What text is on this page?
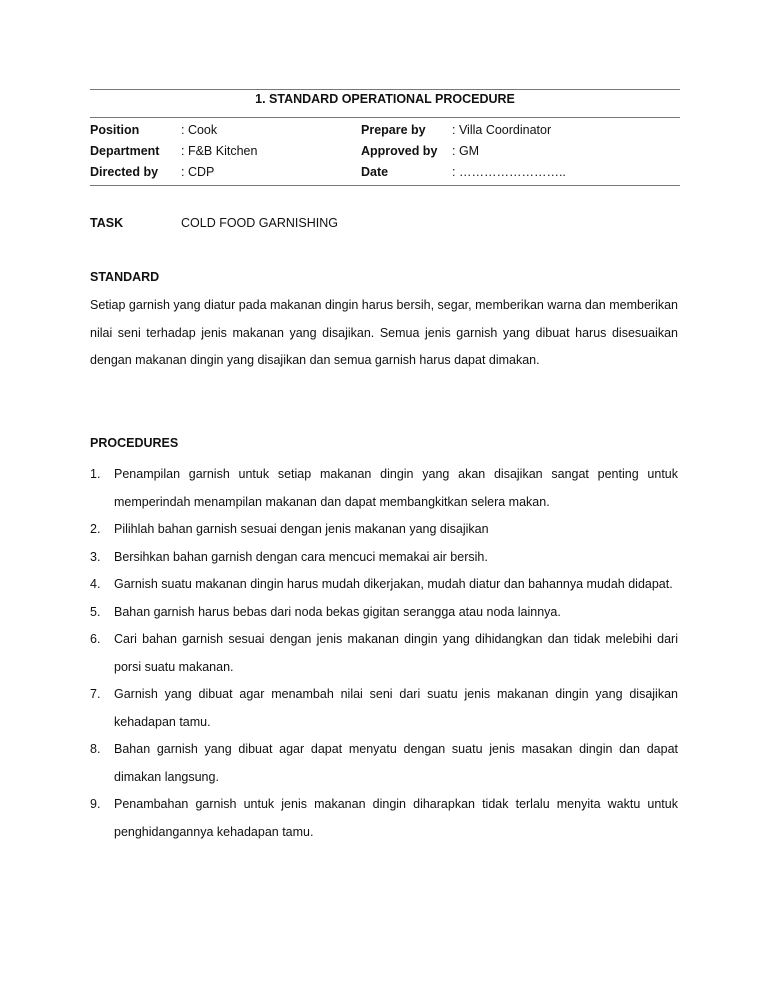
1. STANDARD OPERATIONAL PROCEDURE
Position	: Cook	Prepare by : Villa Coordinator
Department : F&B Kitchen	Approved by : GM
Directed by : CDP	Date	: ……………………..
TASK	COLD FOOD GARNISHING
STANDARD

Setiap garnish yang diatur pada makanan dingin harus bersih, segar, memberikan warna dan memberikan nilai seni terhadap jenis makanan yang disajikan. Semua jenis garnish yang dibuat harus disesuaikan dengan makanan dingin yang disajikan dan semua garnish harus dapat dimakan.

PROCEDURES
1. Penampilan garnish untuk setiap makanan dingin yang akan disajikan sangat penting untuk memperindah menampilan makanan dan dapat membangkitkan selera makan.
2. Pilihlah bahan garnish sesuai dengan jenis makanan yang disajikan
3. Bersihkan bahan garnish dengan cara mencuci memakai air bersih.
4. Garnish suatu makanan dingin harus mudah dikerjakan, mudah diatur dan bahannya mudah didapat.
5. Bahan garnish harus bebas dari noda bekas gigitan serangga atau noda lainnya.
6. Cari bahan garnish sesuai dengan jenis makanan dingin yang dihidangkan dan tidak melebihi dari porsi suatu makanan.
7. Garnish yang dibuat agar menambah nilai seni dari suatu jenis makanan dingin yang disajikan kehadapan tamu.
8. Bahan garnish yang dibuat agar dapat menyatu dengan suatu jenis masakan dingin dan dapat dimakan langsung.
9. Penambahan garnish untuk jenis makanan dingin diharapkan tidak terlalu menyita waktu untuk penghidangannya kehadapan tamu.
